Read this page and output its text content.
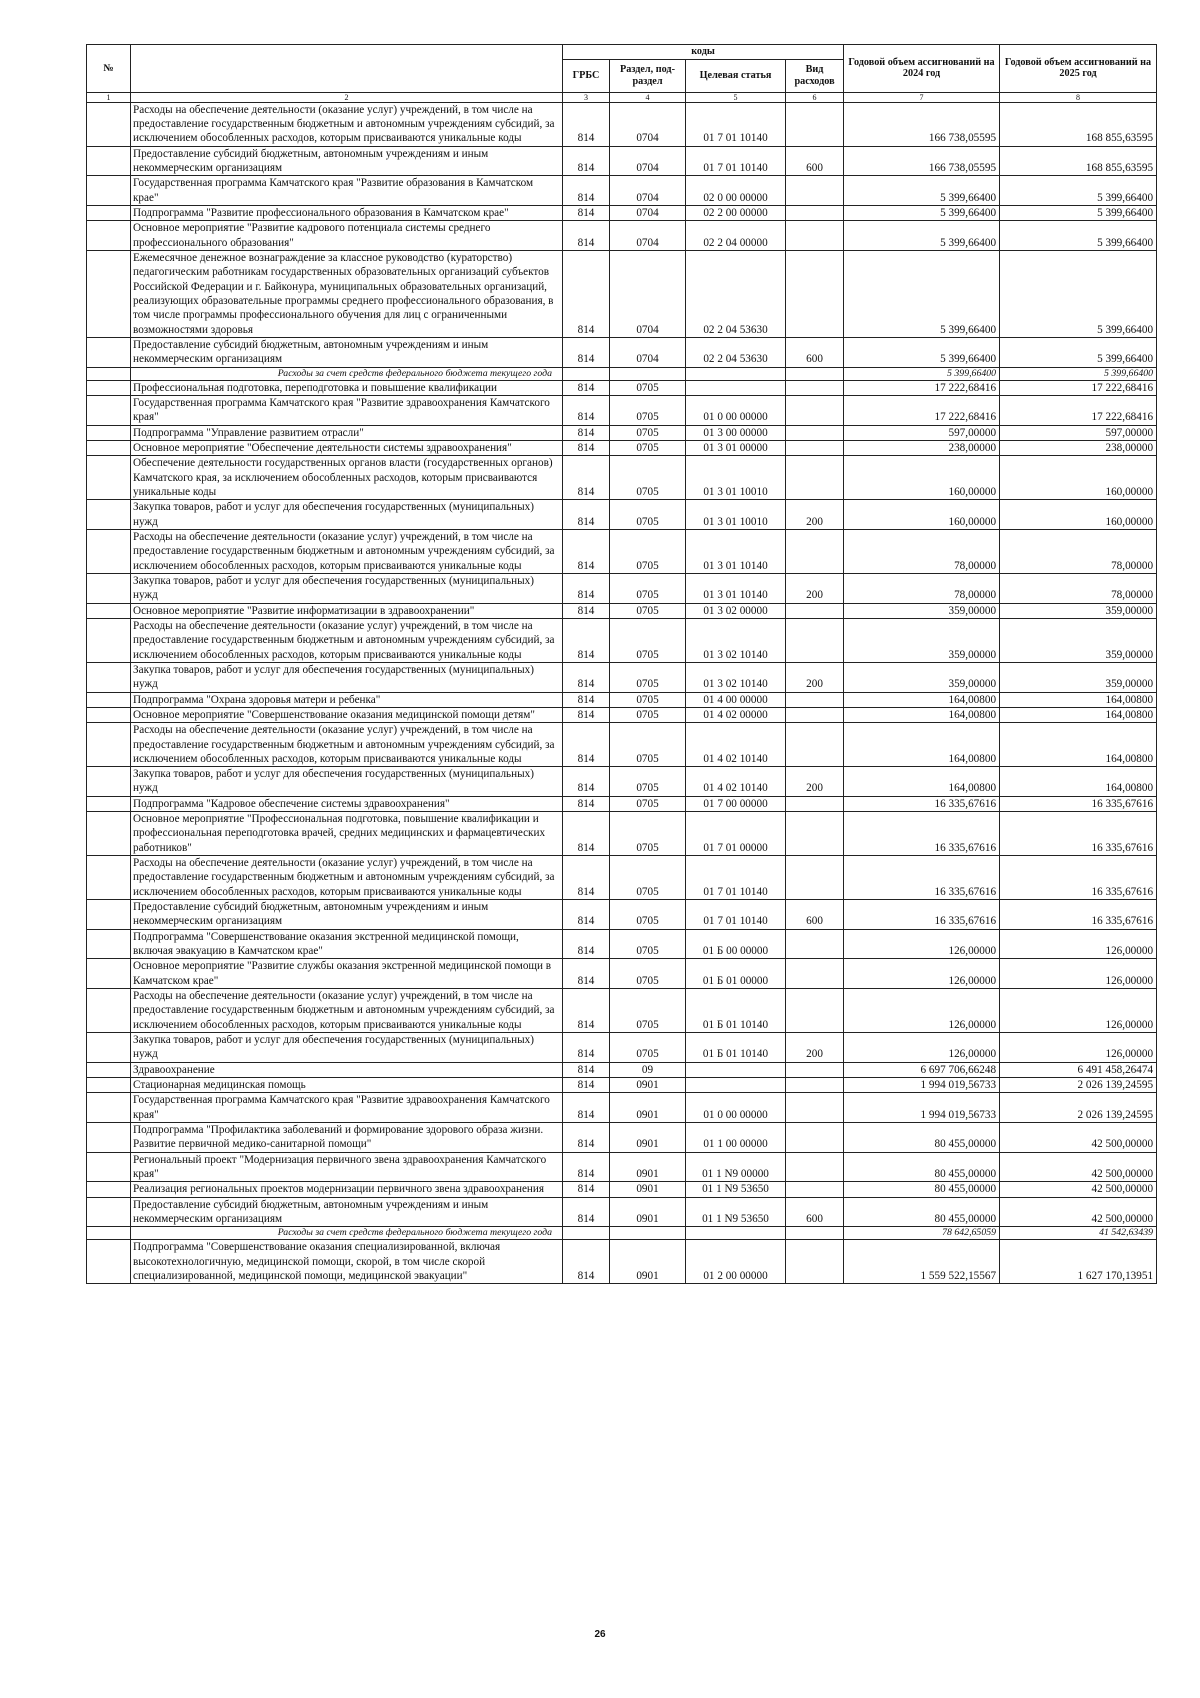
№		коды				Годовой объем ассигнований на 2024 год	Годовой объем ассигнований на 2025 год
		ГРБС	Раздел, под-раздел	Целевая статья	Вид расходов		
1	2	3	4	5	6	7	8
	Расходы на обеспечение деятельности (оказание услуг) учреждений, в том числе на предоставление государственным бюджетным и автономным учреждениям субсидий, за исключением обособленных расходов, которым присваиваются уникальные коды	814	0704	01 7 01 10140		166 738,05595	168 855,63595
	Предоставление субсидий бюджетным, автономным учреждениям и иным некоммерческим организациям	814	0704	01 7 01 10140	600	166 738,05595	168 855,63595
	Государственная программа Камчатского края "Развитие образования в Камчатском крае"	814	0704	02 0 00 00000		5 399,66400	5 399,66400
	Подпрограмма "Развитие профессионального образования в Камчатском крае"	814	0704	02 2 00 00000		5 399,66400	5 399,66400
	Основное мероприятие "Развитие кадрового потенциала системы среднего профессионального образования"	814	0704	02 2 04 00000		5 399,66400	5 399,66400
	Ежемесячное денежное вознаграждение за классное руководство (кураторство) педагогическим работникам государственных образовательных организаций субъектов Российской Федерации и г. Байконура, муниципальных образовательных организаций, реализующих образовательные программы среднего профессионального образования, в том числе программы профессионального обучения для лиц с ограниченными возможностями здоровья	814	0704	02 2 04 53630		5 399,66400	5 399,66400
	Предоставление субсидий бюджетным, автономным учреждениям и иным некоммерческим организациям	814	0704	02 2 04 53630	600	5 399,66400	5 399,66400
	Расходы за счет средств федерального бюджета текущего года					5 399,66400	5 399,66400
	Профессиональная подготовка, переподготовка и повышение квалификации	814	0705			17 222,68416	17 222,68416
	Государственная программа Камчатского края "Развитие здравоохранения Камчатского края"	814	0705	01 0 00 00000		17 222,68416	17 222,68416
	Подпрограмма "Управление развитием отрасли"	814	0705	01 3 00 00000		597,00000	597,00000
	Основное мероприятие "Обеспечение деятельности системы здравоохранения"	814	0705	01 3 01 00000		238,00000	238,00000
	Обеспечение деятельности государственных органов власти (государственных органов) Камчатского края, за исключением обособленных расходов, которым присваиваются уникальные коды	814	0705	01 3 01 10010		160,00000	160,00000
	Закупка товаров, работ и услуг для обеспечения государственных (муниципальных) нужд	814	0705	01 3 01 10010	200	160,00000	160,00000
	Расходы на обеспечение деятельности (оказание услуг) учреждений, в том числе на предоставление государственным бюджетным и автономным учреждениям субсидий, за исключением обособленных расходов, которым присваиваются уникальные коды	814	0705	01 3 01 10140		78,00000	78,00000
	Закупка товаров, работ и услуг для обеспечения государственных (муниципальных) нужд	814	0705	01 3 01 10140	200	78,00000	78,00000
	Основное мероприятие "Развитие информатизации в здравоохранении"	814	0705	01 3 02 00000		359,00000	359,00000
	Расходы на обеспечение деятельности (оказание услуг) учреждений, в том числе на предоставление государственным бюджетным и автономным учреждениям субсидий, за исключением обособленных расходов, которым присваиваются уникальные коды	814	0705	01 3 02 10140		359,00000	359,00000
	Закупка товаров, работ и услуг для обеспечения государственных (муниципальных) нужд	814	0705	01 3 02 10140	200	359,00000	359,00000
	Подпрограмма "Охрана здоровья матери и ребенка"	814	0705	01 4 00 00000		164,00800	164,00800
	Основное мероприятие "Совершенствование оказания медицинской помощи детям"	814	0705	01 4 02 00000		164,00800	164,00800
	Расходы на обеспечение деятельности (оказание услуг) учреждений, в том числе на предоставление государственным бюджетным и автономным учреждениям субсидий, за исключением обособленных расходов, которым присваиваются уникальные коды	814	0705	01 4 02 10140		164,00800	164,00800
	Закупка товаров, работ и услуг для обеспечения государственных (муниципальных) нужд	814	0705	01 4 02 10140	200	164,00800	164,00800
	Подпрограмма "Кадровое обеспечение системы здравоохранения"	814	0705	01 7 00 00000		16 335,67616	16 335,67616
	Основное мероприятие "Профессиональная подготовка, повышение квалификации и профессиональная переподготовка врачей, средних медицинских и фармацевтических работников"	814	0705	01 7 01 00000		16 335,67616	16 335,67616
	Расходы на обеспечение деятельности (оказание услуг) учреждений, в том числе на предоставление государственным бюджетным и автономным учреждениям субсидий, за исключением обособленных расходов, которым присваиваются уникальные коды	814	0705	01 7 01 10140		16 335,67616	16 335,67616
	Предоставление субсидий бюджетным, автономным учреждениям и иным некоммерческим организациям	814	0705	01 7 01 10140	600	16 335,67616	16 335,67616
	Подпрограмма "Совершенствование оказания экстренной медицинской помощи, включая эвакуацию в Камчатском крае"	814	0705	01 Б 00 00000		126,00000	126,00000
	Основное мероприятие "Развитие службы оказания экстренной медицинской помощи в Камчатском крае"	814	0705	01 Б 01 00000		126,00000	126,00000
	Расходы на обеспечение деятельности (оказание услуг) учреждений, в том числе на предоставление государственным бюджетным и автономным учреждениям субсидий, за исключением обособленных расходов, которым присваиваются уникальные коды	814	0705	01 Б 01 10140		126,00000	126,00000
	Закупка товаров, работ и услуг для обеспечения государственных (муниципальных) нужд	814	0705	01 Б 01 10140	200	126,00000	126,00000
	Здравоохранение	814	09			6 697 706,66248	6 491 458,26474
	Стационарная медицинская помощь	814	0901			1 994 019,56733	2 026 139,24595
	Государственная программа Камчатского края "Развитие здравоохранения Камчатского края"	814	0901	01 0 00 00000		1 994 019,56733	2 026 139,24595
	Подпрограмма "Профилактика заболеваний и формирование здорового образа жизни. Развитие первичной медико-санитарной помощи"	814	0901	01 1 00 00000		80 455,00000	42 500,00000
	Региональный проект "Модернизация первичного звена здравоохранения Камчатского края"	814	0901	01 1 N9 00000		80 455,00000	42 500,00000
	Реализация региональных проектов модернизации первичного звена здравоохранения	814	0901	01 1 N9 53650		80 455,00000	42 500,00000
	Предоставление субсидий бюджетным, автономным учреждениям и иным некоммерческим организациям	814	0901	01 1 N9 53650	600	80 455,00000	42 500,00000
	Расходы за счет средств федерального бюджета текущего года					78 642,65059	41 542,63439
	Подпрограмма "Совершенствование оказания специализированной, включая высокотехнологичную, медицинской помощи, скорой, в том числе скорой специализированной, медицинской помощи, медицинской эвакуации"	814	0901	01 2 00 00000		1 559 522,15567	1 627 170,13951
26
